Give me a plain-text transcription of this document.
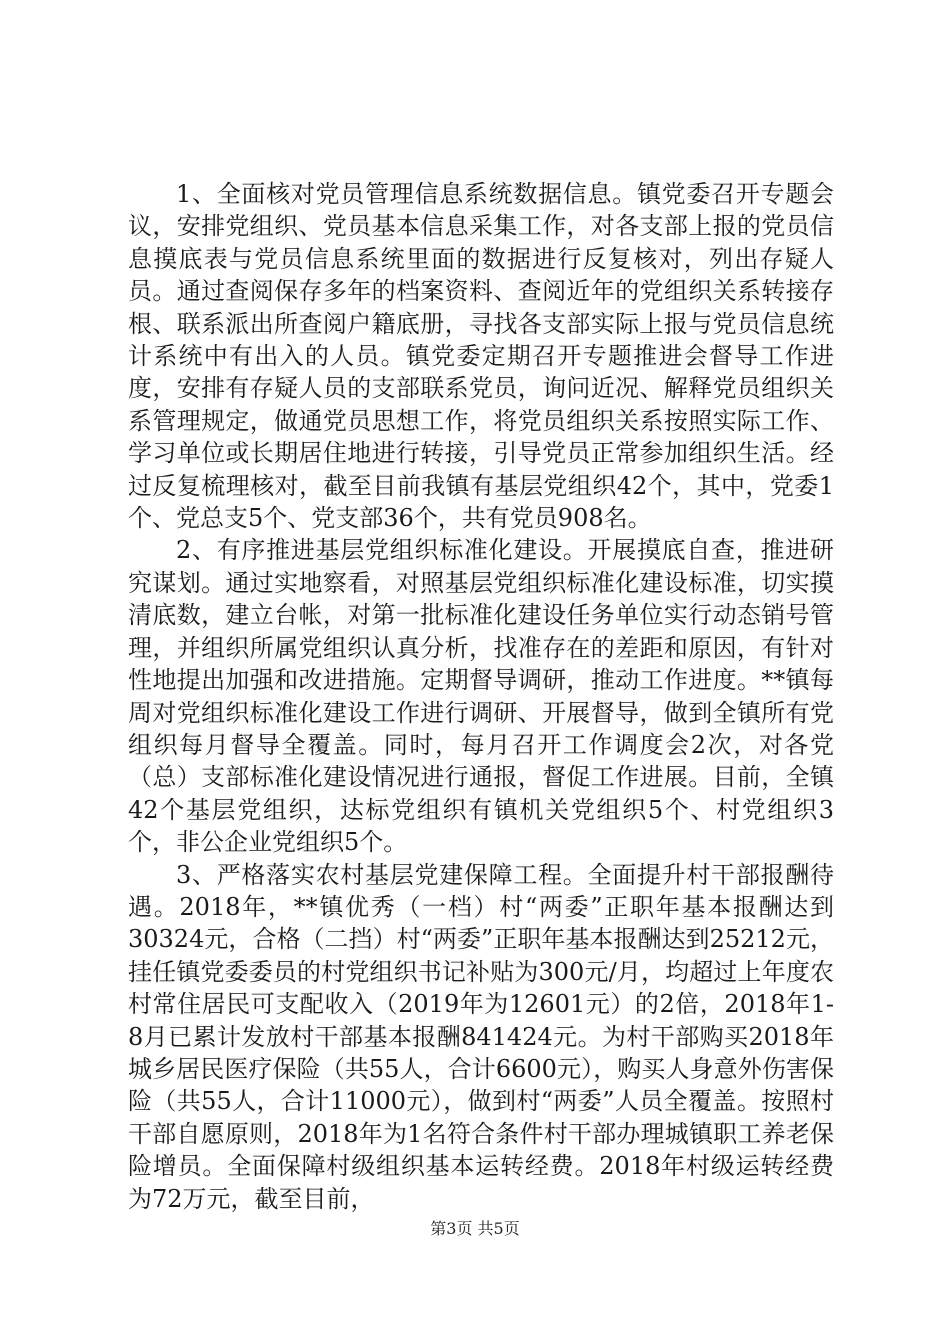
1、全面核对党员管理信息系统数据信息。镇党委召开专题会议，安排党组织、党员基本信息采集工作，对各支部上报的党员信息摸底表与党员信息系统里面的数据进行反复核对，列出存疑人员。通过查阅保存多年的档案资料、查阅近年的党组织关系转接存根、联系派出所查阅户籍底册，寻找各支部实际上报与党员信息统计系统中有出入的人员。镇党委定期召开专题推进会督导工作进度，安排有存疑人员的支部联系党员，询问近况、解释党员组织关系管理规定，做通党员思想工作，将党员组织关系按照实际工作、学习单位或长期居住地进行转接，引导党员正常参加组织生活。经过反复梳理核对，截至目前我镇有基层党组织42个，其中，党委1个、党总支5个、党支部36个，共有党员908名。

2、有序推进基层党组织标准化建设。开展摸底自查，推进研究谋划。通过实地察看，对照基层党组织标准化建设标准，切实摸清底数，建立台帐，对第一批标准化建设任务单位实行动态销号管理，并组织所属党组织认真分析，找准存在的差距和原因，有针对性地提出加强和改进措施。定期督导调研，推动工作进度。**镇每周对党组织标准化建设工作进行调研、开展督导，做到全镇所有党组织每月督导全覆盖。同时，每月召开工作调度会2次，对各党（总）支部标准化建设情况进行通报，督促工作进展。目前，全镇42个基层党组织，达标党组织有镇机关党组织5个、村党组织3个，非公企业党组织5个。

3、严格落实农村基层党建保障工程。全面提升村干部报酬待遇。2018年，**镇优秀（一档）村“两委”正职年基本报酬达到30324元，合格（二挡）村“两委”正职年基本报酬达到25212元，挂任镇党委委员的村党组织书记补贴为300元/月，均超过上年度农村常住居民可支配收入（2019年为12601元）的2倍，2018年1-8月已累计发放村干部基本报酬841424元。为村干部购买2018年城乡居民医疗保险（共55人，合计6600元），购买人身意外伤害保险（共55人，合计11000元），做到村“两委”人员全覆盖。按照村干部自愿原则，2018年为1名符合条件村干部办理城镇职工养老保险增员。全面保障村级组织基本运转经费。2018年村级运转经费为72万元，截至目前，

第3页 共5页
